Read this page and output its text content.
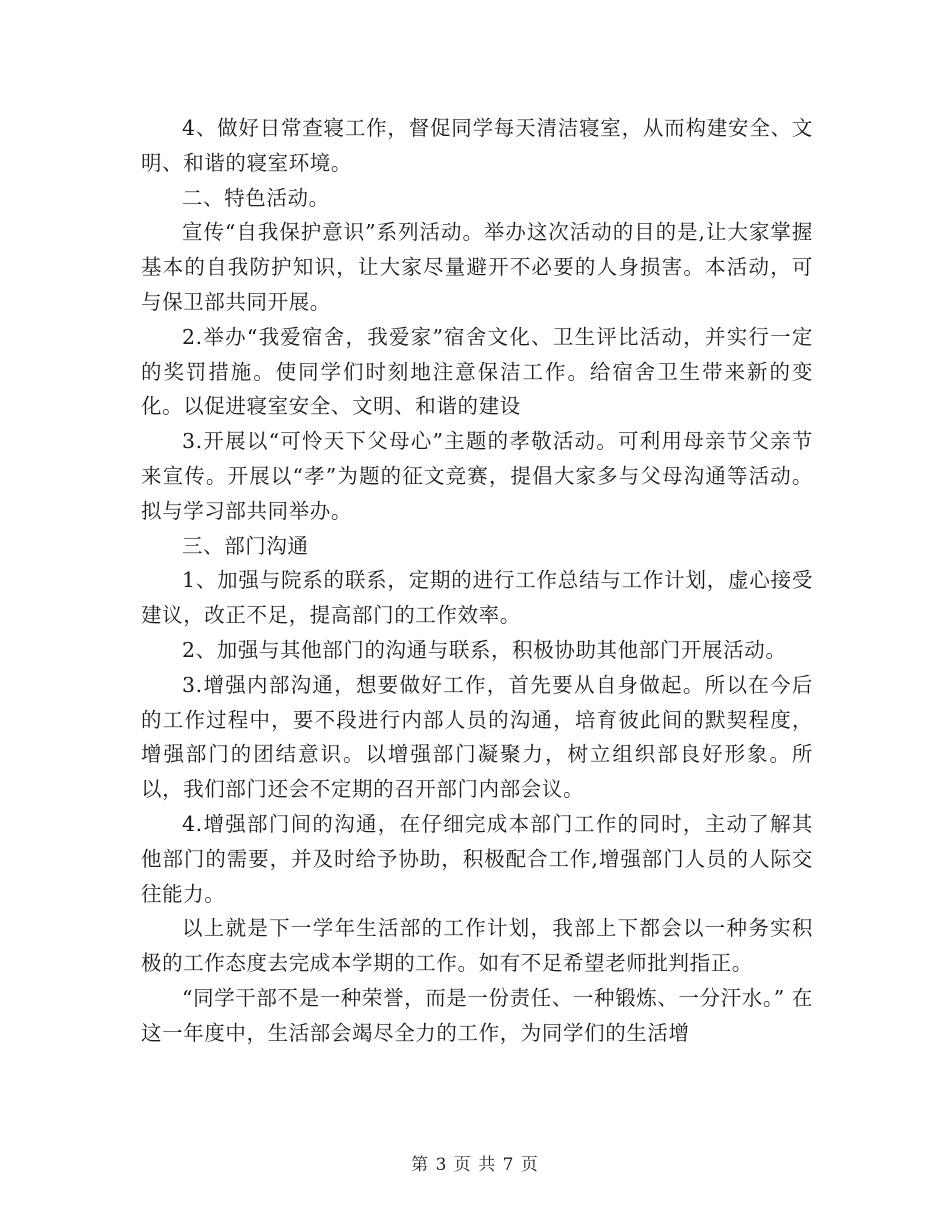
4、做好日常查寝工作，督促同学每天清洁寝室，从而构建安全、文明、和谐的寝室环境。

二、特色活动。

宣传“自我保护意识”系列活动。举办这次活动的目的是,让大家掌握基本的自我防护知识，让大家尽量避开不必要的人身损害。本活动，可与保卫部共同开展。

2.举办“我爱宿舍，我爱家”宿舍文化、卫生评比活动，并实行一定的奖罚措施。使同学们时刻地注意保洁工作。给宿舍卫生带来新的变化。以促进寝室安全、文明、和谐的建设

3.开展以“可怜天下父母心”主题的孝敬活动。可利用母亲节父亲节来宣传。开展以“孝”为题的征文竞赛，提倡大家多与父母沟通等活动。拟与学习部共同举办。

三、部门沟通

1、加强与院系的联系，定期的进行工作总结与工作计划，虚心接受建议，改正不足，提高部门的工作效率。

2、加强与其他部门的沟通与联系，积极协助其他部门开展活动。

3.增强内部沟通，想要做好工作，首先要从自身做起。所以在今后的工作过程中，要不段进行内部人员的沟通，培育彼此间的默契程度，增强部门的团结意识。以增强部门凝聚力，树立组织部良好形象。所以，我们部门还会不定期的召开部门内部会议。

4.增强部门间的沟通，在仔细完成本部门工作的同时，主动了解其他部门的需要，并及时给予协助，积极配合工作,增强部门人员的人际交往能力。

以上就是下一学年生活部的工作计划，我部上下都会以一种务实积极的工作态度去完成本学期的工作。如有不足希望老师批判指正。

“同学干部不是一种荣誉，而是一份责任、一种锻炼、一分汗水。” 在这一年度中，生活部会竭尽全力的工作，为同学们的生活增

第 3 页 共 7 页
